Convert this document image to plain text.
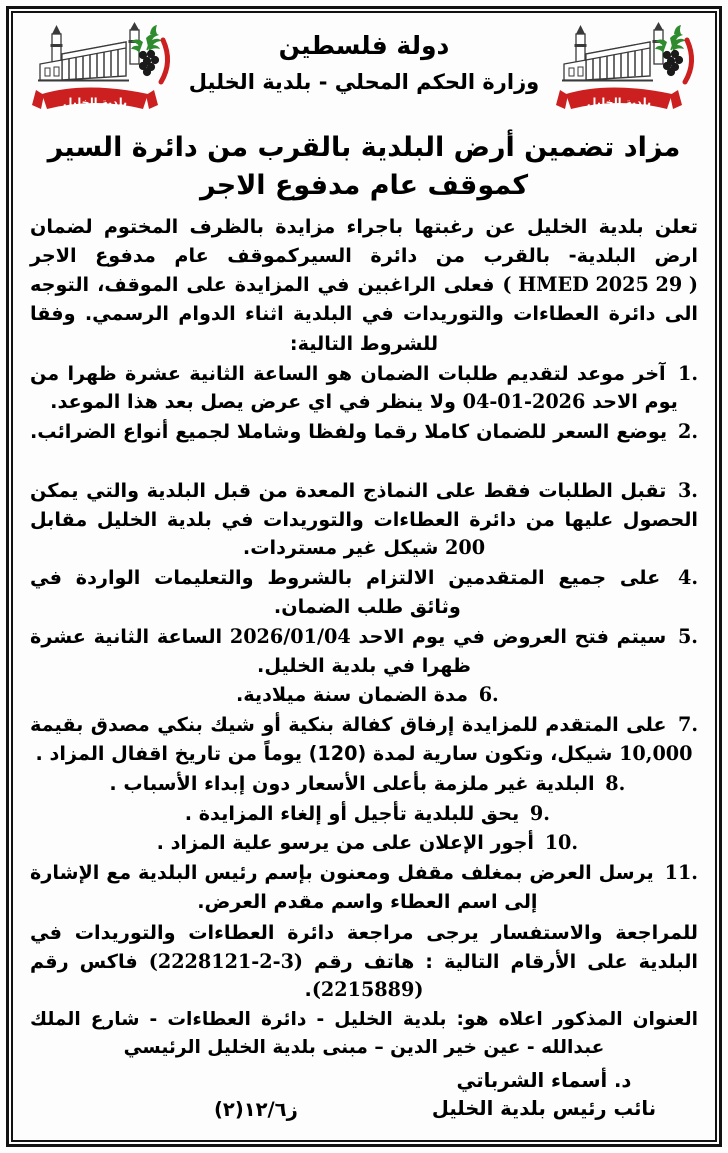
بلدية الخليل
دولة فلسطين
وزارة الحكم المحلي - بلدية الخليل
بلدية الخليل
مزاد تضمين أرض البلدية بالقرب من دائرة السير
كموقف عام مدفوع الاجر

تعلن بلدية الخليل عن رغبتها باجراء مزايدة بالظرف المختوم لضمان ارض البلدية- بالقرب من دائرة السيركموقف عام مدفوع الاجر ( HMED 2025 29 ) فعلى الراغبين في المزايدة على الموقف، التوجه الى دائرة العطاءات والتوريدات في البلدية اثناء الدوام الرسمي. وفقا للشروط التالية:

1. آخر موعد لتقديم طلبات الضمان هو الساعة الثانية عشرة ظهرا من يوم الاحد 04-01-2026 ولا ينظر في اي عرض يصل بعد هذا الموعد.
2. يوضع السعر للضمان كاملا رقما ولفظا وشاملا لجميع أنواع الضرائب.
3. تقبل الطلبات فقط على النماذج المعدة من قبل البلدية والتي يمكن الحصول عليها من دائرة العطاءات والتوريدات في بلدية الخليل مقابل 200 شيكل غير مستردات.
4. على جميع المتقدمين الالتزام بالشروط والتعليمات الواردة في وثائق طلب الضمان.
5. سيتم فتح العروض في يوم الاحد 2026/01/04 الساعة الثانية عشرة ظهرا في بلدية الخليل.
6. مدة الضمان سنة ميلادية.
7. على المتقدم للمزايدة إرفاق كفالة بنكية أو شيك بنكي مصدق بقيمة 10,000 شيكل، وتكون سارية لمدة (120) يوماً من تاريخ اقفال المزاد .
8. البلدية غير ملزمة بأعلى الأسعار دون إبداء الأسباب .
9. يحق للبلدية تأجيل أو إلغاء المزايدة .
10. أجور الإعلان على من يرسو علية المزاد .
11. يرسل العرض بمغلف مقفل ومعنون بإسم رئيس البلدية مع الإشارة إلى اسم العطاء واسم مقدم العرض.

للمراجعة والاستفسار يرجى مراجعة دائرة العطاءات والتوريدات في البلدية على الأرقام التالية : هاتف رقم (2228121-2-3) فاكس رقم (2215889).

العنوان المذكور اعلاه هو: بلدية الخليل - دائرة العطاءات - شارع الملك عبدالله - عين خير الدين – مبنى بلدية الخليل الرئيسي

د. أسماء الشرباتي
نائب رئيس بلدية الخليل
ز١٢/٦(٢)
